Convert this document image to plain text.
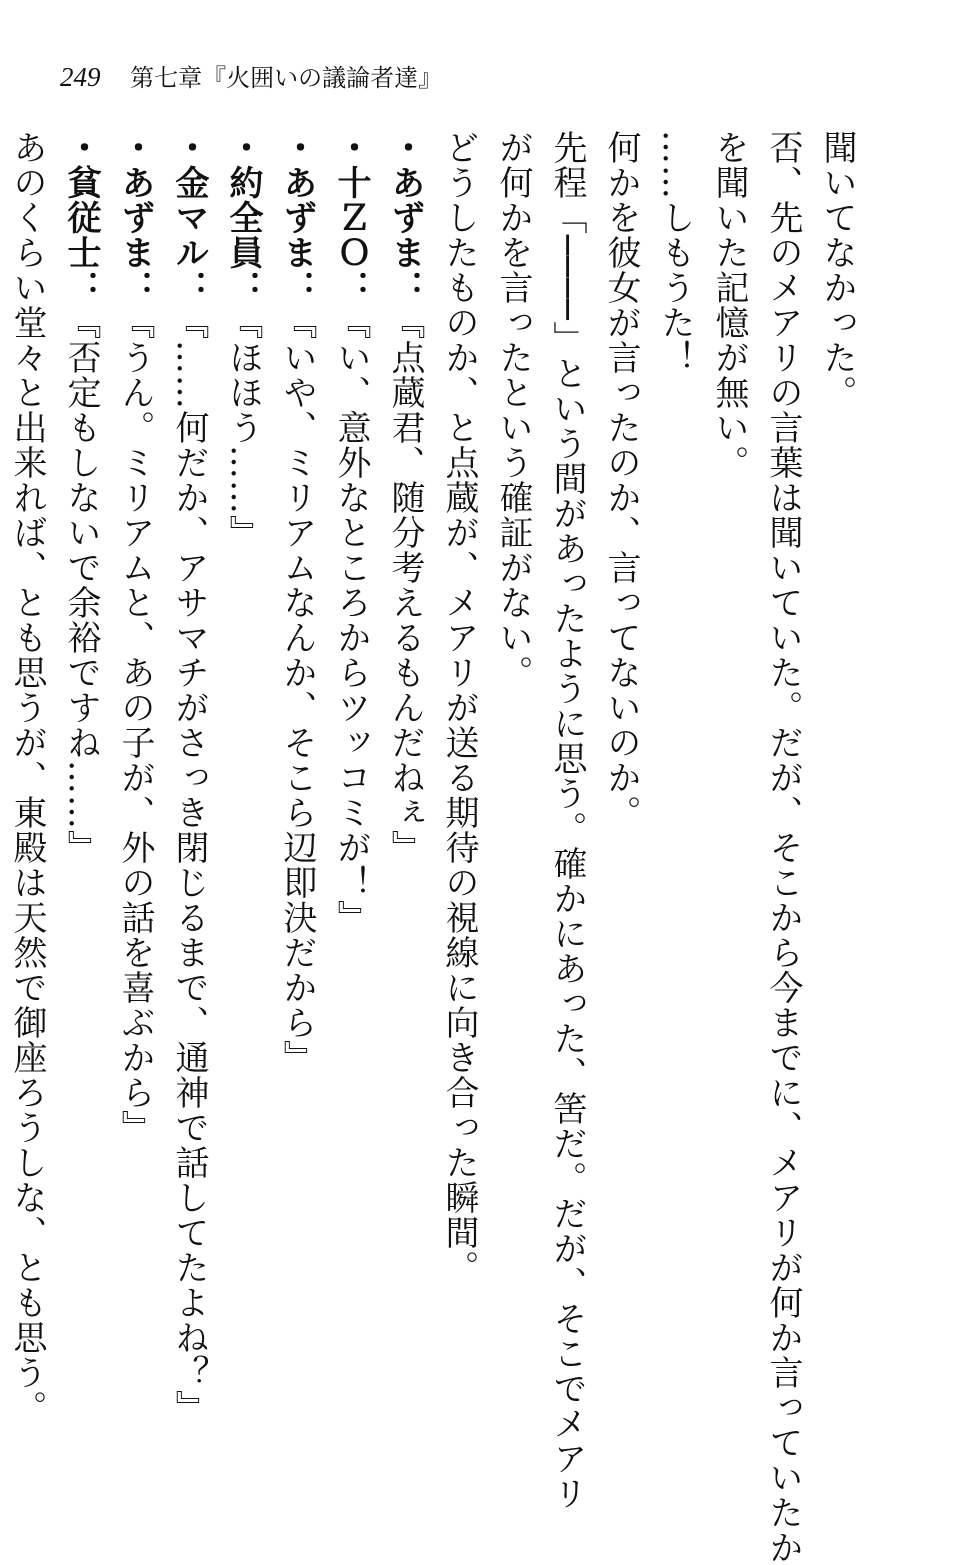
249 第七章『火囲いの議論者達』
聞いてなかった。
否、先のメアリの言葉は聞いていた。だが、そこから今までに、メアリが何か言っていたか
を聞いた記憶が無い。
……しもうた！
何かを彼女が言ったのか、言ってないのか。
先程「────」という間があったように思う。確かにあった、筈だ。だが、そこでメアリ
が何かを言ったという確証がない。
どうしたものか、と点蔵が、メアリが送る期待の視線に向き合った瞬間。
・あずま：『点蔵君、随分考えるもんだねぇ』
・十ＺＯ：『い、意外なところからツッコミが！』
・あずま：『いや、ミリアムなんか、そこら辺即決だから』
・約全員：『ほほう……』
・金マル：『……何だか、アサマチがさっき閉じるまで、通神で話してたよね？』
・あずま：『うん。ミリアムと、あの子が、外の話を喜ぶから』
・貧従士：『否定もしないで余裕ですね……』
あのくらい堂々と出来れば、とも思うが、東殿は天然で御座ろうしな、とも思う。
